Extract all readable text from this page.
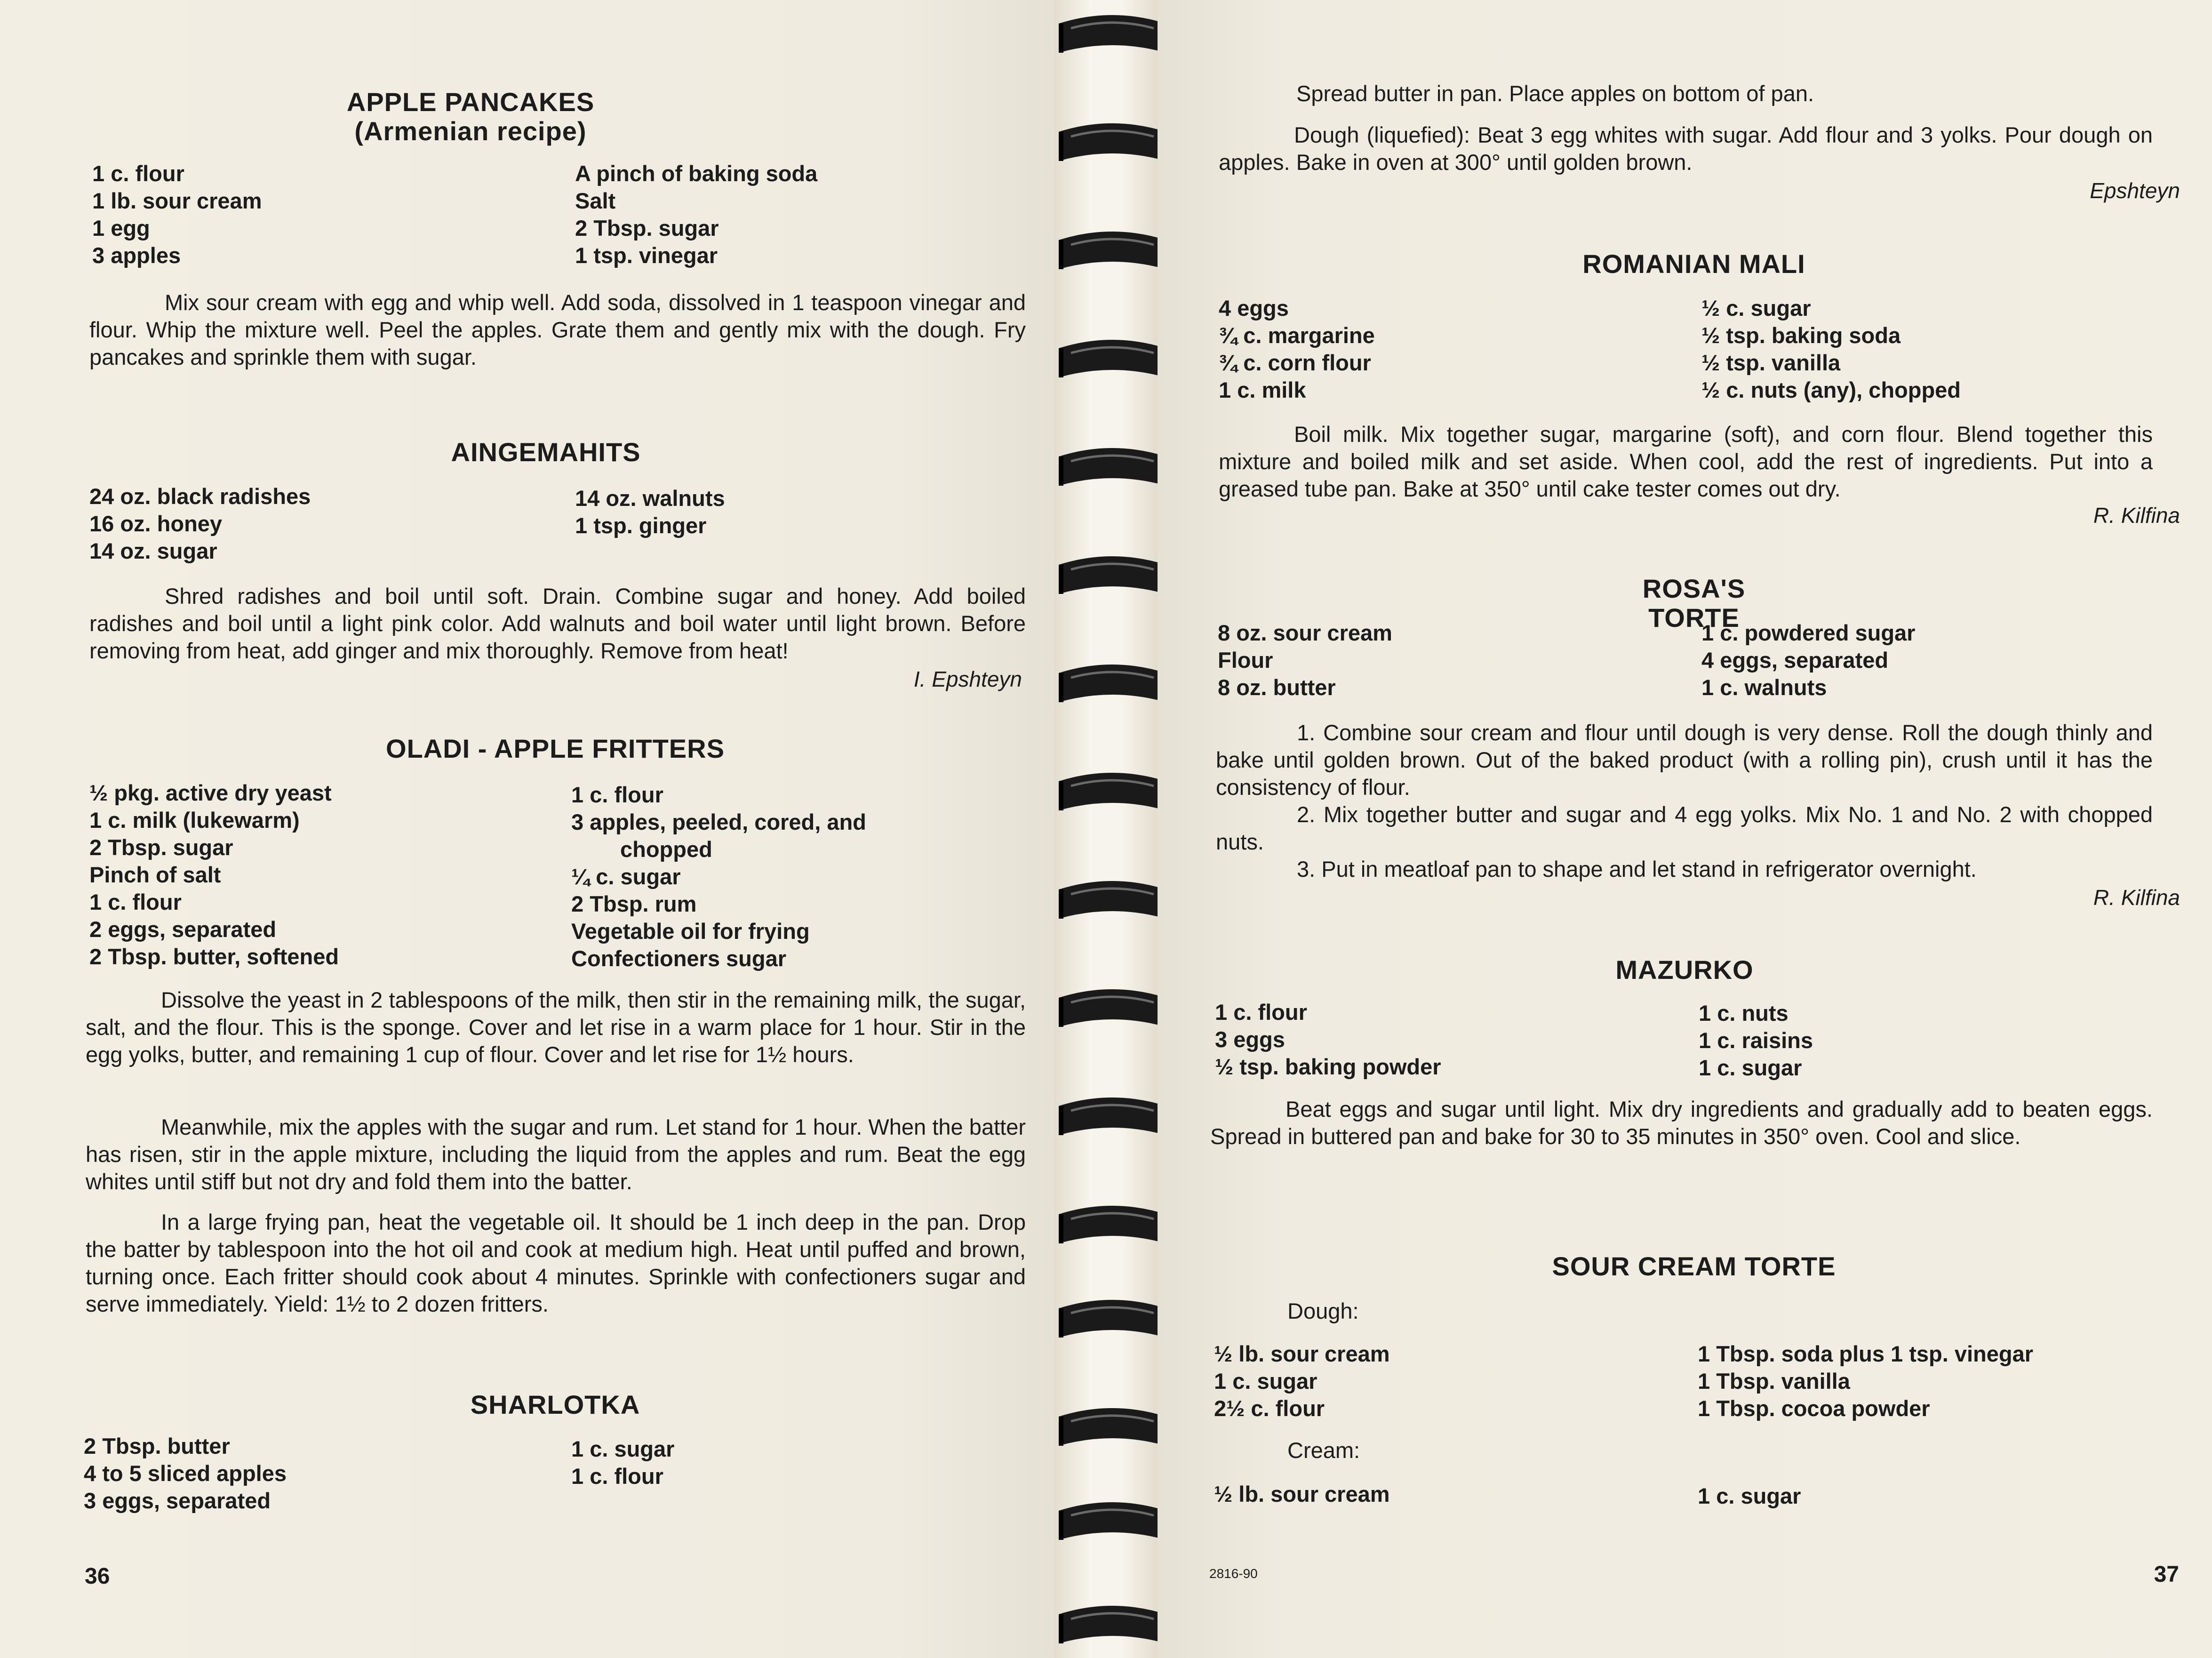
APPLE PANCAKES
(Armenian recipe)
1 c. flour
1 lb. sour cream
1 egg
3 apples
A pinch of baking soda
Salt
2 Tbsp. sugar
1 tsp. vinegar
Mix sour cream with egg and whip well. Add soda, dissolved in 1 teaspoon vinegar and flour. Whip the mixture well. Peel the apples. Grate them and gently mix with the dough. Fry pancakes and sprinkle them with sugar.
AINGEMAHITS
24 oz. black radishes
16 oz. honey
14 oz. sugar
14 oz. walnuts
1 tsp. ginger
Shred radishes and boil until soft. Drain. Combine sugar and honey. Add boiled radishes and boil until a light pink color. Add walnuts and boil water until light brown. Before removing from heat, add ginger and mix thoroughly. Remove from heat!
I. Epshteyn
OLADI - APPLE FRITTERS
½ pkg. active dry yeast
1 c. milk (lukewarm)
2 Tbsp. sugar
Pinch of salt
1 c. flour
2 eggs, separated
2 Tbsp. butter, softened
1 c. flour
3 apples, peeled, cored, and
chopped
¼ c. sugar
2 Tbsp. rum
Vegetable oil for frying
Confectioners sugar
Dissolve the yeast in 2 tablespoons of the milk, then stir in the remaining milk, the sugar, salt, and the flour. This is the sponge. Cover and let rise in a warm place for 1 hour. Stir in the egg yolks, butter, and remaining 1 cup of flour. Cover and let rise for 1½ hours.
Meanwhile, mix the apples with the sugar and rum. Let stand for 1 hour. When the batter has risen, stir in the apple mixture, including the liquid from the apples and rum. Beat the egg whites until stiff but not dry and fold them into the batter.
In a large frying pan, heat the vegetable oil. It should be 1 inch deep in the pan. Drop the batter by tablespoon into the hot oil and cook at medium high. Heat until puffed and brown, turning once. Each fritter should cook about 4 minutes. Sprinkle with confectioners sugar and serve immediately. Yield: 1½ to 2 dozen fritters.
SHARLOTKA
2 Tbsp. butter
4 to 5 sliced apples
3 eggs, separated
1 c. sugar
1 c. flour
36
Spread butter in pan. Place apples on bottom of pan.
Dough (liquefied): Beat 3 egg whites with sugar. Add flour and 3 yolks. Pour dough on apples. Bake in oven at 300° until golden brown.
Epshteyn
ROMANIAN MALI
4 eggs
¾ c. margarine
¾ c. corn flour
1 c. milk
½ c. sugar
½ tsp. baking soda
½ tsp. vanilla
½ c. nuts (any), chopped
Boil milk. Mix together sugar, margarine (soft), and corn flour. Blend together this mixture and boiled milk and set aside. When cool, add the rest of ingredients. Put into a greased tube pan. Bake at 350° until cake tester comes out dry.
R. Kilfina
ROSA'S TORTE
8 oz. sour cream
Flour
8 oz. butter
1 c. powdered sugar
4 eggs, separated
1 c. walnuts
1. Combine sour cream and flour until dough is very dense. Roll the dough thinly and bake until golden brown. Out of the baked product (with a rolling pin), crush until it has the consistency of flour.
2. Mix together butter and sugar and 4 egg yolks. Mix No. 1 and No. 2 with chopped nuts.
3. Put in meatloaf pan to shape and let stand in refrigerator overnight.
R. Kilfina
MAZURKO
1 c. flour
3 eggs
½ tsp. baking powder
1 c. nuts
1 c. raisins
1 c. sugar
Beat eggs and sugar until light. Mix dry ingredients and gradually add to beaten eggs. Spread in buttered pan and bake for 30 to 35 minutes in 350° oven. Cool and slice.
SOUR CREAM TORTE
Dough:
½ lb. sour cream
1 c. sugar
2½ c. flour
1 Tbsp. soda plus 1 tsp. vinegar
1 Tbsp. vanilla
1 Tbsp. cocoa powder
Cream:
½ lb. sour cream	1 c. sugar
2816-90	37
